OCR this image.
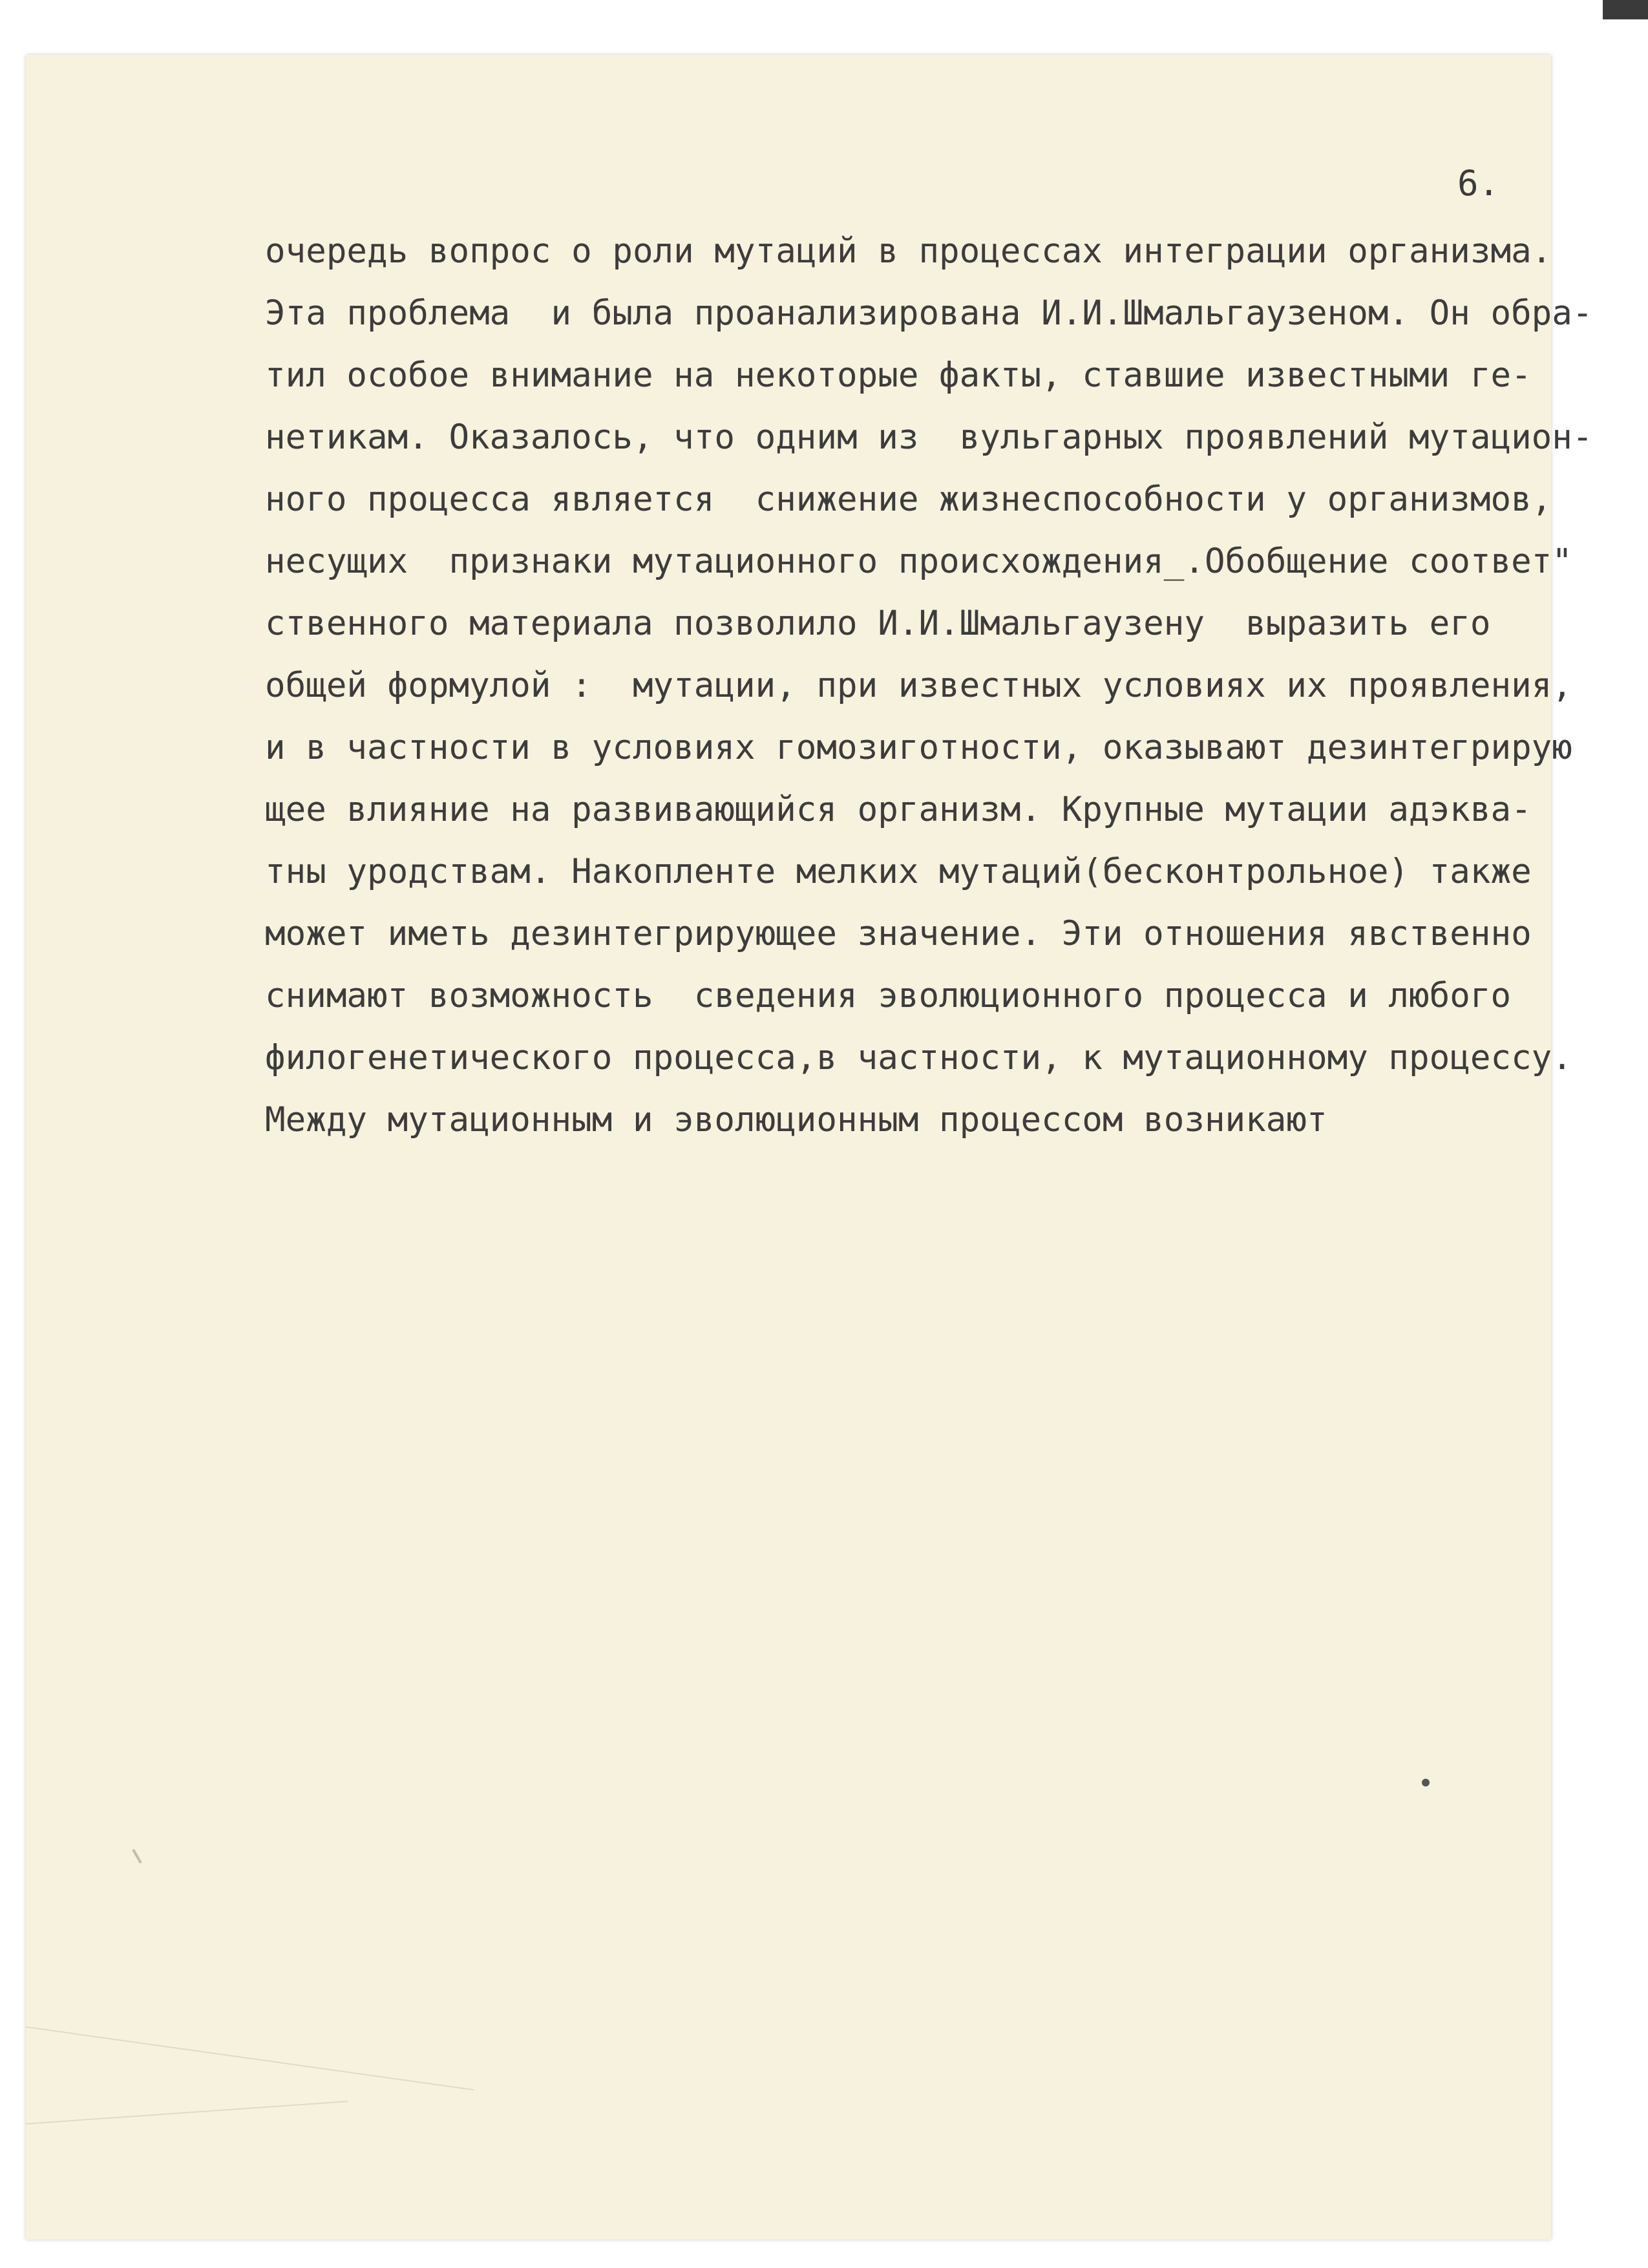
6.
очередь вопрос о роли мутаций в процессах интеграции организма.
Эта проблема  и была проанализирована И.И.Шмальгаузеном. Он обра-
тил особое внимание на некоторые факты, ставшие известными ге-
нетикам. Оказалось, что одним из  вульгарных проявлений мутацион-
ного процесса является  снижение жизнеспособности у организмов,
несущих  признаки мутационного происхождения_.Обобщение соответ"
ственного материала позволило И.И.Шмальгаузену  выразить его
общей формулой :  мутации, при известных условиях их проявления,
и в частности в условиях гомозиготности, оказывают дезинтегрирую
щее влияние на развивающийся организм. Крупные мутации адэква-
тны уродствам. Накопленте мелких мутаций(бесконтрольное) также
может иметь дезинтегрирующее значение. Эти отношения явственно
снимают возможность  сведения эволюционного процесса и любого
филогенетического процесса,в частности, к мутационному процессу.
Между мутационным и эволюционным процессом возникают
